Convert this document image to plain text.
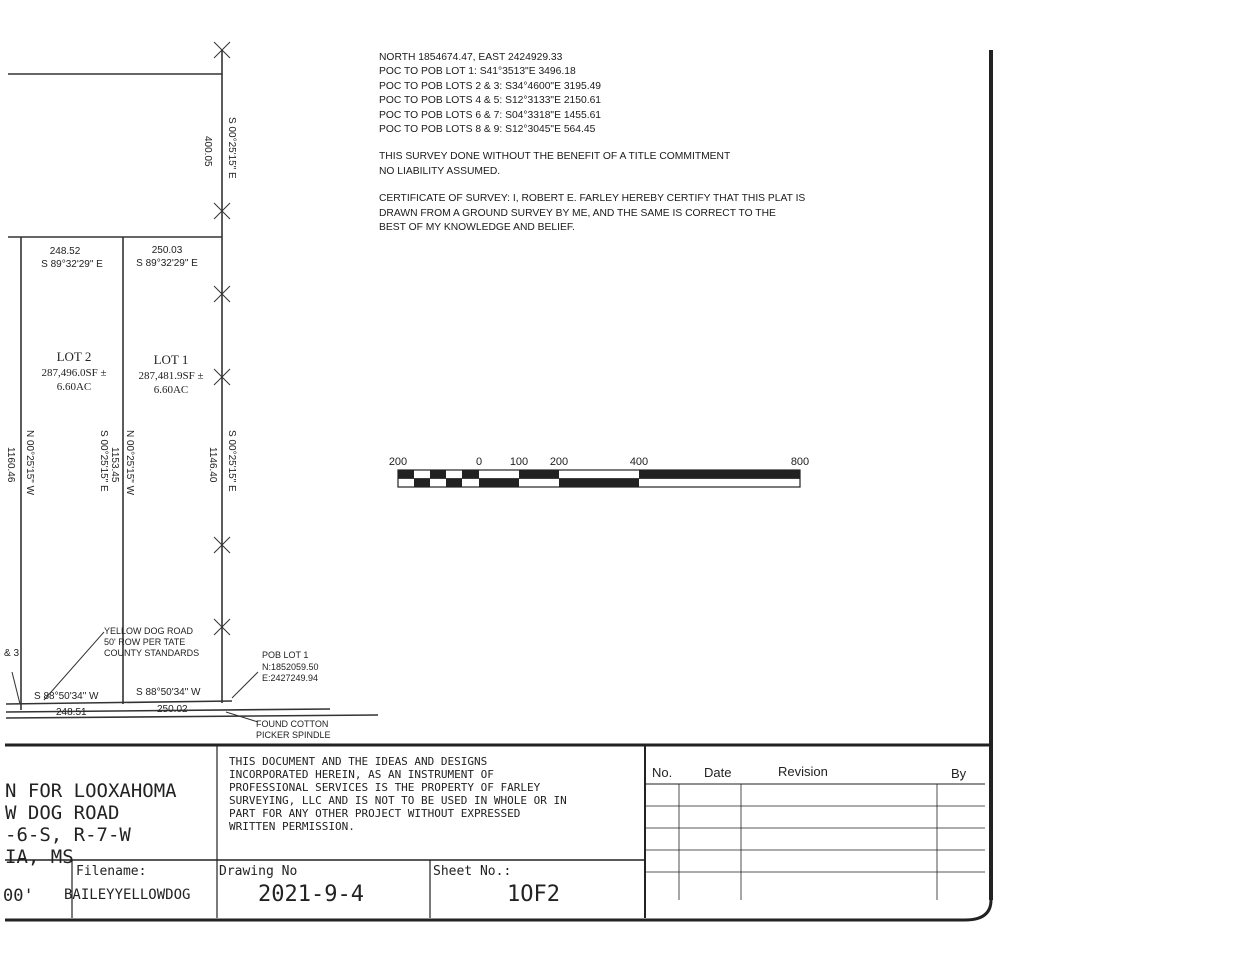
NORTH 1854674.47, EAST 2424929.33
POC TO POB LOT 1: S41°3513"E 3496.18
POC TO POB LOTS 2 & 3: S34°4600"E 3195.49
POC TO POB LOTS 4 & 5: S12°3133"E 2150.61
POC TO POB LOTS 6 & 7: S04°3318"E 1455.61
POC TO POB LOTS 8 & 9: S12°3045"E 564.45
THIS SURVEY DONE WITHOUT THE BENEFIT OF A TITLE COMMITMENT
NO LIABILITY ASSUMED.
CERTIFICATE OF SURVEY: I, ROBERT E. FARLEY HEREBY CERTIFY THAT THIS PLAT IS
DRAWN FROM A GROUND SURVEY BY ME, AND THE SAME IS CORRECT TO THE
BEST OF MY KNOWLEDGE AND BELIEF.
248.52
S 89°32'29" E
250.03
S 89°32'29" E
LOT 2
287,496.0SF ±
6.60AC
LOT 1
287,481.9SF ±
6.60AC
S 00°25'15" E
400.05
S 00°25'15" E
1146.40
S 00°25'15" E 1153.45 N 00°25'15" W
N 00°25'15" W
1160.46
& 3
YELLOW DOG ROAD
50' ROW PER TATE
COUNTY STANDARDS
S 88°50'34" W	S 88°50'34" W
248.51	250.02
POB LOT 1
N:1852059.50
E:2427249.94
FOUND COTTON
PICKER SPINDLE
200	0	100 200	400	800
N FOR LOOXAHOMA
W DOG ROAD
-6-S, R-7-W
IA, MS
THIS DOCUMENT AND THE IDEAS AND DESIGNS
INCORPORATED HEREIN, AS AN INSTRUMENT OF
PROFESSIONAL SERVICES IS THE PROPERTY OF FARLEY
SURVEYING, LLC AND IS NOT TO BE USED IN WHOLE OR IN
PART FOR ANY OTHER PROJECT WITHOUT EXPRESSED
WRITTEN PERMISSION.
00'
Filename:
BAILEYYELLOWDOG
Drawing No
2021-9-4
Sheet No.:
1OF2
No. Date	Revision	By
